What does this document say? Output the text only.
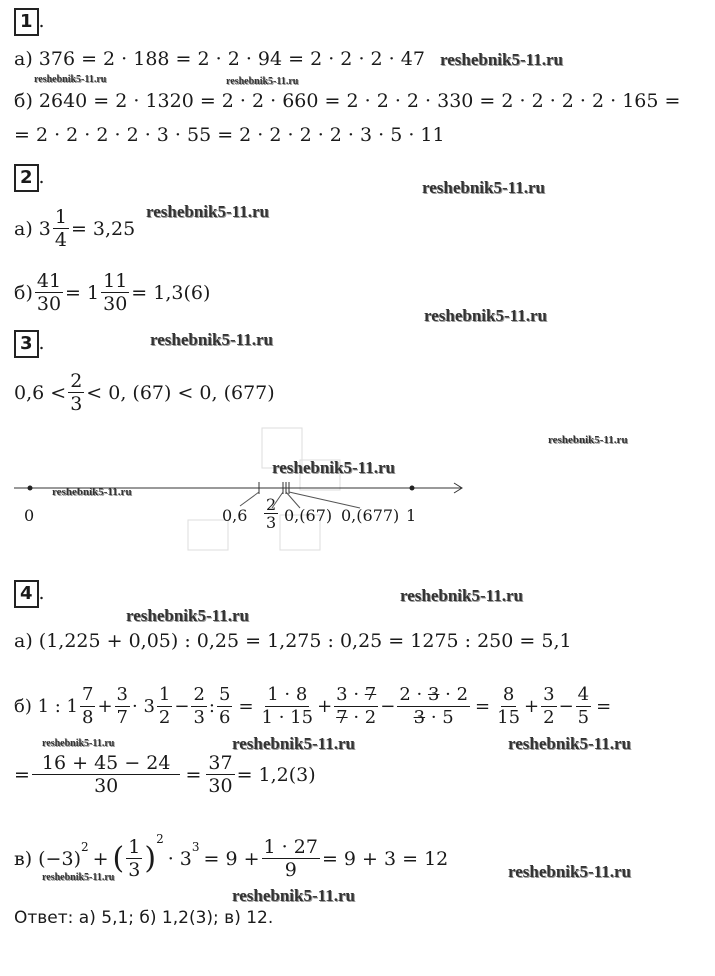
1 .
а) 376 = 2 · 188 = 2 · 2 · 94 = 2 · 2 · 2 · 47
б) 2640 = 2 · 1320 = 2 · 2 · 660 = 2 · 2 · 2 · 330 = 2 · 2 · 2 · 2 · 165 =
= 2 · 2 · 2 · 2 · 3 · 55 = 2 · 2 · 2 · 2 · 3 · 5 · 11
2 .
а) $3 \frac{1}{4} = 3,25$
$б) \frac{41}{30} = 1 \frac{11}{30} = 1,3(6)$
3 .
$0,6 < \frac{2}{3} < 0$, (67) < 0, (677)
0	1
$0,6 \frac{2}{3} 0,(67)$ 0,(677)
4 .
а) (1,225 + 0,05) : 0,25 = 1,275 : 0,25 = 1275 : 250 = 5,1
б) 1 : $1 \frac{7}{8} + \frac{3}{7} \cdot 3 \frac{1}{2} - \frac{2}{3}$ : $\frac{5}{6} = \frac{1 \cdot 8}{1 \cdot 15} + \frac{3 \cdot 7}{7 \cdot 2} - \frac{2 \cdot 3 \cdot 2}{3 \cdot 5} = \frac{8}{15} + \frac{3}{2} - \frac{4}{5}$ =
= $\frac{16 + 45 - 24}{30} = \frac{37}{30} = 1,2(3)$
в) (−3)
$^2$
+ ( $\frac{1}{3}$ )
$^2$
· 3
$^3$
= $9 + \frac{1 \cdot 27}{9} = 9 + 3 = 12$
Ответ: а) 5,1; б) 1,2(3); в) 12.
reshebnik5-11.ru
reshebnik5-11.ru	reshebnik5-11.ru
reshebnik5-11.ru
reshebnik5-11.ru
reshebnik5-11.ru
reshebnik5-11.ru
reshebnik5-11.ru
reshebnik5-11.ru
reshebnik5-11.ru
reshebnik5-11.ru
reshebnik5-11.ru
reshebnik5-11.ru	reshebnik5-11.ru	reshebnik5-11.ru
reshebnik5-11.ru	reshebnik5-11.ru
reshebnik5-11.ru
